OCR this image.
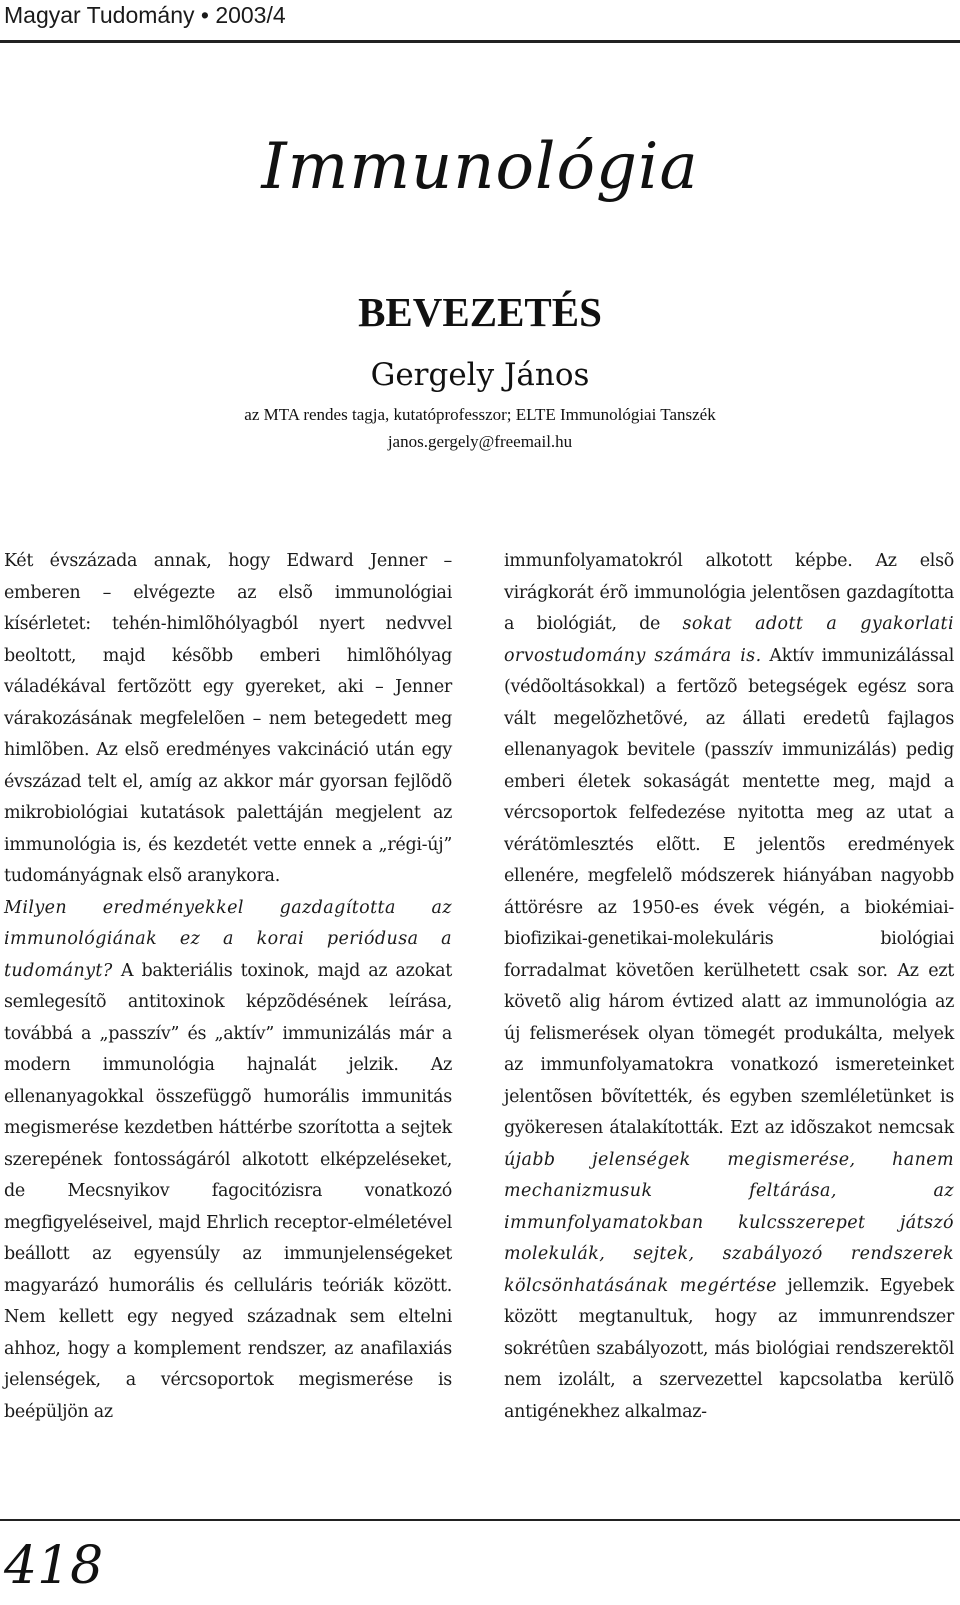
Magyar Tudomány • 2003/4
Immunológia
BEVEZETÉS
Gergely János
az MTA rendes tagja, kutatóprofesszor; ELTE Immunológiai Tanszék
janos.gergely@freemail.hu

Két évszázada annak, hogy Edward Jenner – emberen – elvégezte az elsõ immunológiai kísérletet: tehén-himlõhólyagból nyert nedvvel beoltott, majd késõbb emberi himlõhólyag váladékával fertõzött egy gyereket, aki – Jenner várakozásának megfelelõen – nem betegedett meg himlõben. Az elsõ eredményes vakcináció után egy évszázad telt el, amíg az akkor már gyorsan fejlõdõ mikrobiológiai kutatások palettáján megjelent az immunológia is, és kezdetét vette ennek a „régi-új” tudományágnak elsõ aranykora.

Milyen eredményekkel gazdagította az immunológiának ez a korai periódusa a tudományt? A bakteriális toxinok, majd az azokat semlegesítõ antitoxinok képzõdésének leírása, továbbá a „passzív” és „aktív” immunizálás már a modern immunológia hajnalát jelzik. Az ellenanyagokkal összefüggõ humorális immunitás megismerése kezdetben háttérbe szorította a sejtek szerepének fontosságáról alkotott elképzeléseket, de Mecsnyikov fagocitózisra vonatkozó megfigyeléseivel, majd Ehrlich receptor-elméletével beállott az egyensúly az immunjelenségeket magyarázó humorális és celluláris teóriák között. Nem kellett egy negyed századnak sem eltelni ahhoz, hogy a komplement rendszer, az anafilaxiás jelenségek, a vércsoportok megismerése is beépüljön az

immunfolyamatokról alkotott képbe. Az elsõ virágkorát érõ immunológia jelentõsen gazdagította a biológiát, de sokat adott a gyakorlati orvostudomány számára is. Aktív immunizálással (védõoltásokkal) a fertõzõ betegségek egész sora vált megelõzhetõvé, az állati eredetû fajlagos ellenanyagok bevitele (passzív immunizálás) pedig emberi életek sokaságát mentette meg, majd a vércsoportok felfedezése nyitotta meg az utat a vérátömlesztés elõtt. E jelentõs eredmények ellenére, megfelelõ módszerek hiányában nagyobb áttörésre az 1950-es évek végén, a biokémiai-biofizikai-genetikai-molekuláris biológiai forradalmat követõen kerülhetett csak sor. Az ezt követõ alig három évtized alatt az immunológia az új felismerések olyan tömegét produkálta, melyek az immunfolyamatokra vonatkozó ismereteinket jelentõsen bõvítették, és egyben szemléletünket is gyökeresen átalakították. Ezt az idõszakot nemcsak újabb jelenségek megismerése, hanem mechanizmusuk feltárása, az immunfolyamatokban kulcsszerepet játszó molekulák, sejtek, szabályozó rendszerek kölcsönhatásának megértése jellemzik. Egyebek között megtanultuk, hogy az immunrendszer sokrétûen szabályozott, más biológiai rendszerektõl nem izolált, a szervezettel kapcsolatba kerülõ antigénekhez alkalmaz-

418
